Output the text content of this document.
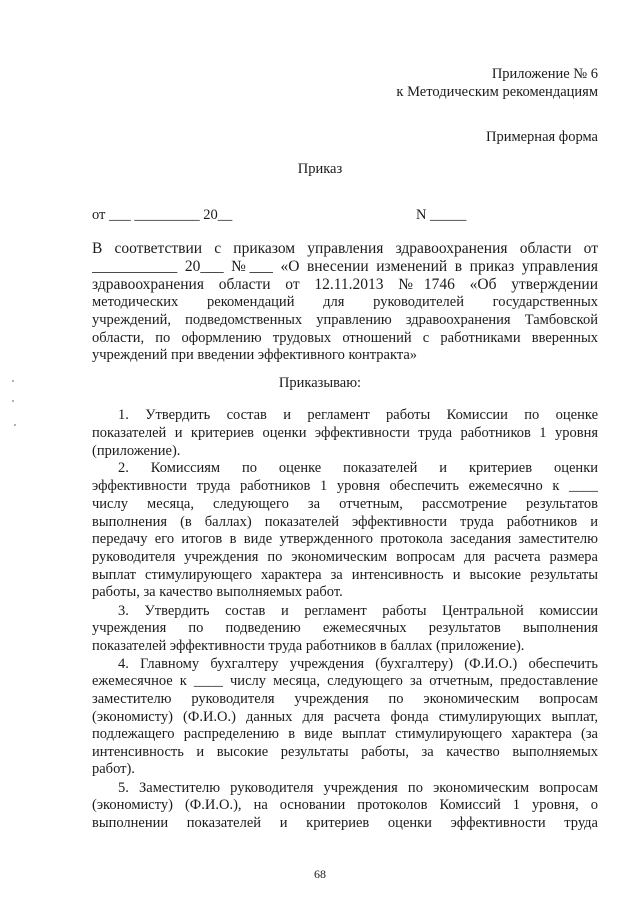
Приложение № 6
к Методическим рекомендациям
Примерная форма
Приказ
от ___ _________ 20__	N _____
В соответствии с приказом управления здравоохранения области от
___________ 20___ №___ «О внесении изменений в приказ управления
здравоохранения области от 12.11.2013 №1746 «Об утверждении
методических рекомендаций для руководителей государственных
учреждений, подведомственных управлению здравоохранения Тамбовской
области, по оформлению трудовых отношений с работниками вверенных
учреждений при введении эффективного контракта»
Приказываю:
1. Утвердить состав и регламент работы Комиссии по оценке
показателей и критериев оценки эффективности труда работников 1 уровня
(приложение).
2. Комиссиям по оценке показателей и критериев оценки
эффективности труда работников 1 уровня обеспечить ежемесячно к ____
числу месяца, следующего за отчетным, рассмотрение результатов
выполнения (в баллах) показателей эффективности труда работников и
передачу его итогов в виде утвержденного протокола заседания заместителю
руководителя учреждения по экономическим вопросам для расчета размера
выплат стимулирующего характера за интенсивность и высокие результаты
работы, за качество выполняемых работ.
3. Утвердить состав и регламент работы Центральной комиссии
учреждения по подведению ежемесячных результатов выполнения
показателей эффективности труда работников в баллах (приложение).
4. Главному бухгалтеру учреждения (бухгалтеру) (Ф.И.О.) обеспечить
ежемесячное к ____ числу месяца, следующего за отчетным, предоставление
заместителю руководителя учреждения по экономическим вопросам
(экономисту) (Ф.И.О.) данных для расчета фонда стимулирующих выплат,
подлежащего распределению в виде выплат стимулирующего характера (за
интенсивность и высокие результаты работы, за качество выполняемых
работ).
5. Заместителю руководителя учреждения по экономическим вопросам
(экономисту) (Ф.И.О.), на основании протоколов Комиссий 1 уровня, о
выполнении показателей и критериев оценки эффективности труда
68
